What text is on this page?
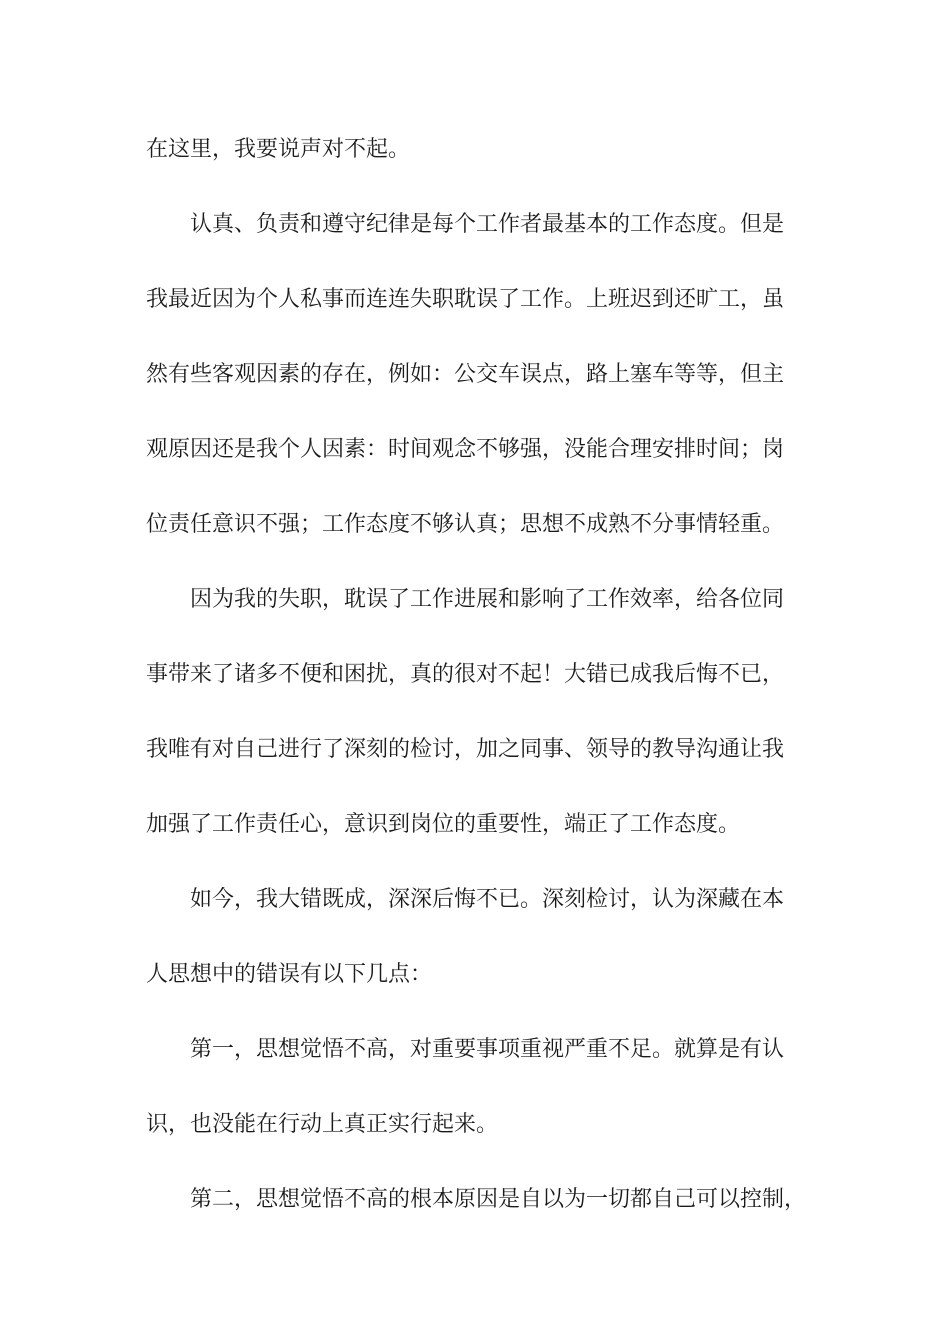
在这里，我要说声对不起。
认真、负责和遵守纪律是每个工作者最基本的工作态度。但是
我最近因为个人私事而连连失职耽误了工作。上班迟到还旷工，虽
然有些客观因素的存在，例如：公交车误点，路上塞车等等，但主
观原因还是我个人因素：时间观念不够强，没能合理安排时间；岗
位责任意识不强；工作态度不够认真；思想不成熟不分事情轻重。
因为我的失职，耽误了工作进展和影响了工作效率，给各位同
事带来了诸多不便和困扰，真的很对不起！大错已成我后悔不已，
我唯有对自己进行了深刻的检讨，加之同事、领导的教导沟通让我
加强了工作责任心，意识到岗位的重要性，端正了工作态度。
如今，我大错既成，深深后悔不已。深刻检讨，认为深藏在本
人思想中的错误有以下几点：
第一，思想觉悟不高，对重要事项重视严重不足。就算是有认
识，也没能在行动上真正实行起来。
第二，思想觉悟不高的根本原因是自以为一切都自己可以控制，
